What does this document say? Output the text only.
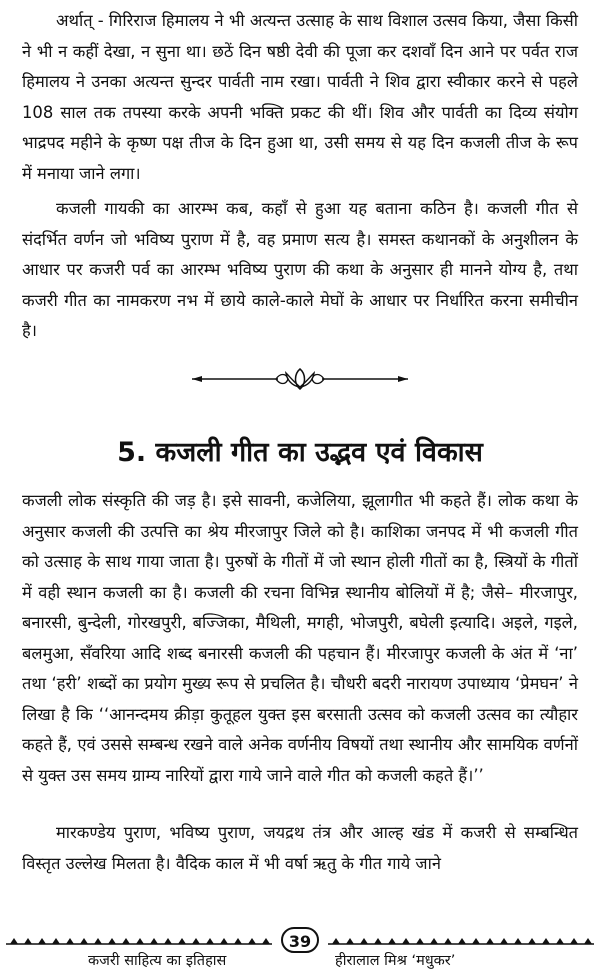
अर्थात् - गिरिराज हिमालय ने भी अत्यन्त उत्साह के साथ विशाल उत्सव किया, जैसा किसी ने भी न कहीं देखा, न सुना था। छठें दिन षष्ठी देवी की पूजा कर दशवाँ दिन आने पर पर्वत राज हिमालय ने उनका अत्यन्त सुन्दर पार्वती नाम रखा। पार्वती ने शिव द्वारा स्वीकार करने से पहले 108 साल तक तपस्या करके अपनी भक्ति प्रकट की थीं। शिव और पार्वती का दिव्य संयोग भाद्रपद महीने के कृष्ण पक्ष तीज के दिन हुआ था, उसी समय से यह दिन कजली तीज के रूप में मनाया जाने लगा।

कजली गायकी का आरम्भ कब, कहाँ से हुआ यह बताना कठिन है। कजली गीत से संदर्भित वर्णन जो भविष्य पुराण में है, वह प्रमाण सत्य है। समस्त कथानकों के अनुशीलन के आधार पर कजरी पर्व का आरम्भ भविष्य पुराण की कथा के अनुसार ही मानने योग्य है, तथा कजरी गीत का नामकरण नभ में छाये काले-काले मेघों के आधार पर निर्धारित करना समीचीन है।

5. कजली गीत का उद्भव एवं विकास

कजली लोक संस्कृति की जड़ है। इसे सावनी, कजेलिया, झूलागीत भी कहते हैं। लोक कथा के अनुसार कजली की उत्पत्ति का श्रेय मीरजापुर जिले को है। काशिका जनपद में भी कजली गीत को उत्साह के साथ गाया जाता है। पुरुषों के गीतों में जो स्थान होली गीतों का है, स्त्रियों के गीतों में वही स्थान कजली का है। कजली की रचना विभिन्न स्थानीय बोलियों में है; जैसे– मीरजापुर, बनारसी, बुन्देली, गोरखपुरी, बज्जिका, मैथिली, मगही, भोजपुरी, बघेली इत्यादि। अइले, गइले, बलमुआ, सँवरिया आदि शब्द बनारसी कजली की पहचान हैं। मीरजापुर कजली के अंत में ‘ना’ तथा ‘हरी’ शब्दों का प्रयोग मुख्य रूप से प्रचलित है। चौधरी बदरी नारायण उपाध्याय ‘प्रेमघन’ ने लिखा है कि ‘‘आनन्दमय क्रीड़ा कुतूहल युक्त इस बरसाती उत्सव को कजली उत्सव का त्यौहार कहते हैं, एवं उससे सम्बन्ध रखने वाले अनेक वर्णनीय विषयों तथा स्थानीय और सामयिक वर्णनों से युक्त उस समय ग्राम्य नारियों द्वारा गाये जाने वाले गीत को कजली कहते हैं।’’

मारकण्डेय पुराण, भविष्य पुराण, जयद्रथ तंत्र और आल्ह खंड में कजरी से सम्बन्धित विस्तृत उल्लेख मिलता है। वैदिक काल में भी वर्षा ऋतु के गीत गाये जाने

39
कजरी साहित्य का इतिहास	हीरालाल मिश्र ‘मधुकर’
